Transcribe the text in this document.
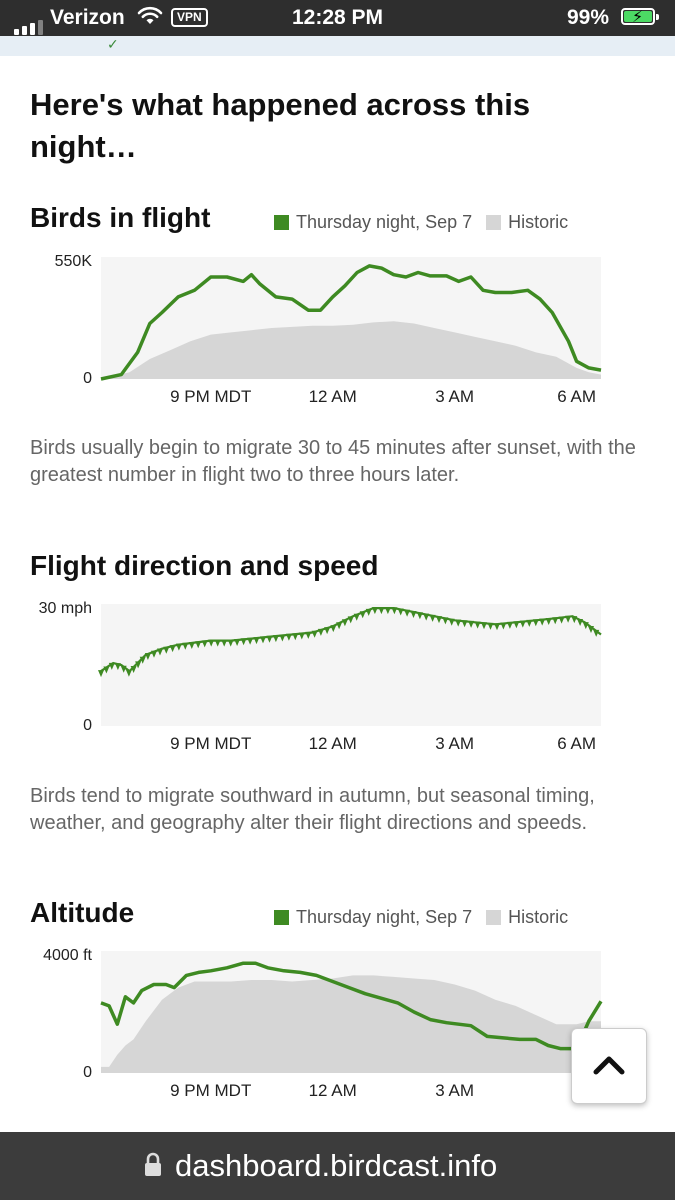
Verizon	VPN	12:28 PM	99% ⚡
✓
Here's what happened across this night…
Birds in flight	Thursday night, Sep 7 Historic
550K
0
9 PM MDT	12 AM	3 AM	6 AM
Birds usually begin to migrate 30 to 45 minutes after sunset, with the greatest number in flight two to three hours later.
Flight direction and speed
30 mph
0
9 PM MDT	12 AM	3 AM	6 AM
Birds tend to migrate southward in autumn, but seasonal timing, weather, and geography alter their flight directions and speeds.
Altitude	Thursday night, Sep 7 Historic
4000 ft
0
9 PM MDT	12 AM	3 AM
dashboard.birdcast.info
